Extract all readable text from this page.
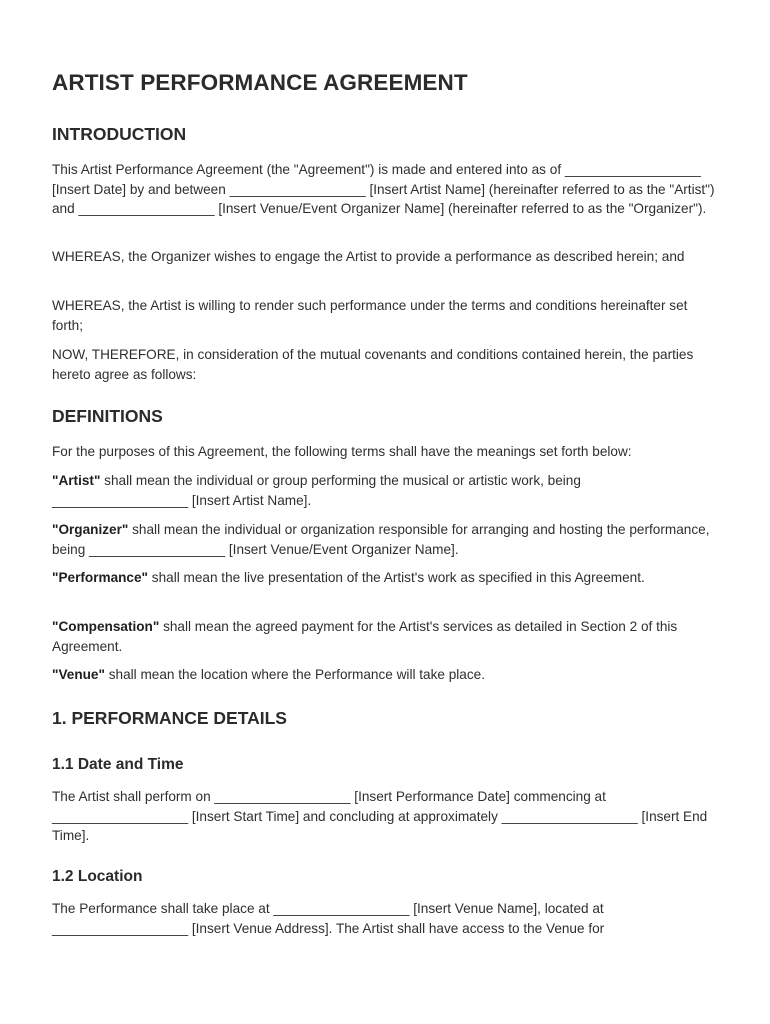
ARTIST PERFORMANCE AGREEMENT
INTRODUCTION

This Artist Performance Agreement (the "Agreement") is made and entered into as of __________________ [Insert Date] by and between __________________ [Insert Artist Name] (hereinafter referred to as the "Artist") and __________________ [Insert Venue/Event Organizer Name] (hereinafter referred to as the "Organizer").

WHEREAS, the Organizer wishes to engage the Artist to provide a performance as described herein; and

WHEREAS, the Artist is willing to render such performance under the terms and conditions hereinafter set forth;

NOW, THEREFORE, in consideration of the mutual covenants and conditions contained herein, the parties hereto agree as follows:

DEFINITIONS

For the purposes of this Agreement, the following terms shall have the meanings set forth below:

"Artist" shall mean the individual or group performing the musical or artistic work, being __________________ [Insert Artist Name].

"Organizer" shall mean the individual or organization responsible for arranging and hosting the performance, being __________________ [Insert Venue/Event Organizer Name].

"Performance" shall mean the live presentation of the Artist's work as specified in this Agreement.

"Compensation" shall mean the agreed payment for the Artist's services as detailed in Section 2 of this Agreement.

"Venue" shall mean the location where the Performance will take place.

1. PERFORMANCE DETAILS
1.1 Date and Time

The Artist shall perform on __________________ [Insert Performance Date] commencing at __________________ [Insert Start Time] and concluding at approximately __________________ [Insert End Time].

1.2 Location

The Performance shall take place at __________________ [Insert Venue Name], located at __________________ [Insert Venue Address]. The Artist shall have access to the Venue for
